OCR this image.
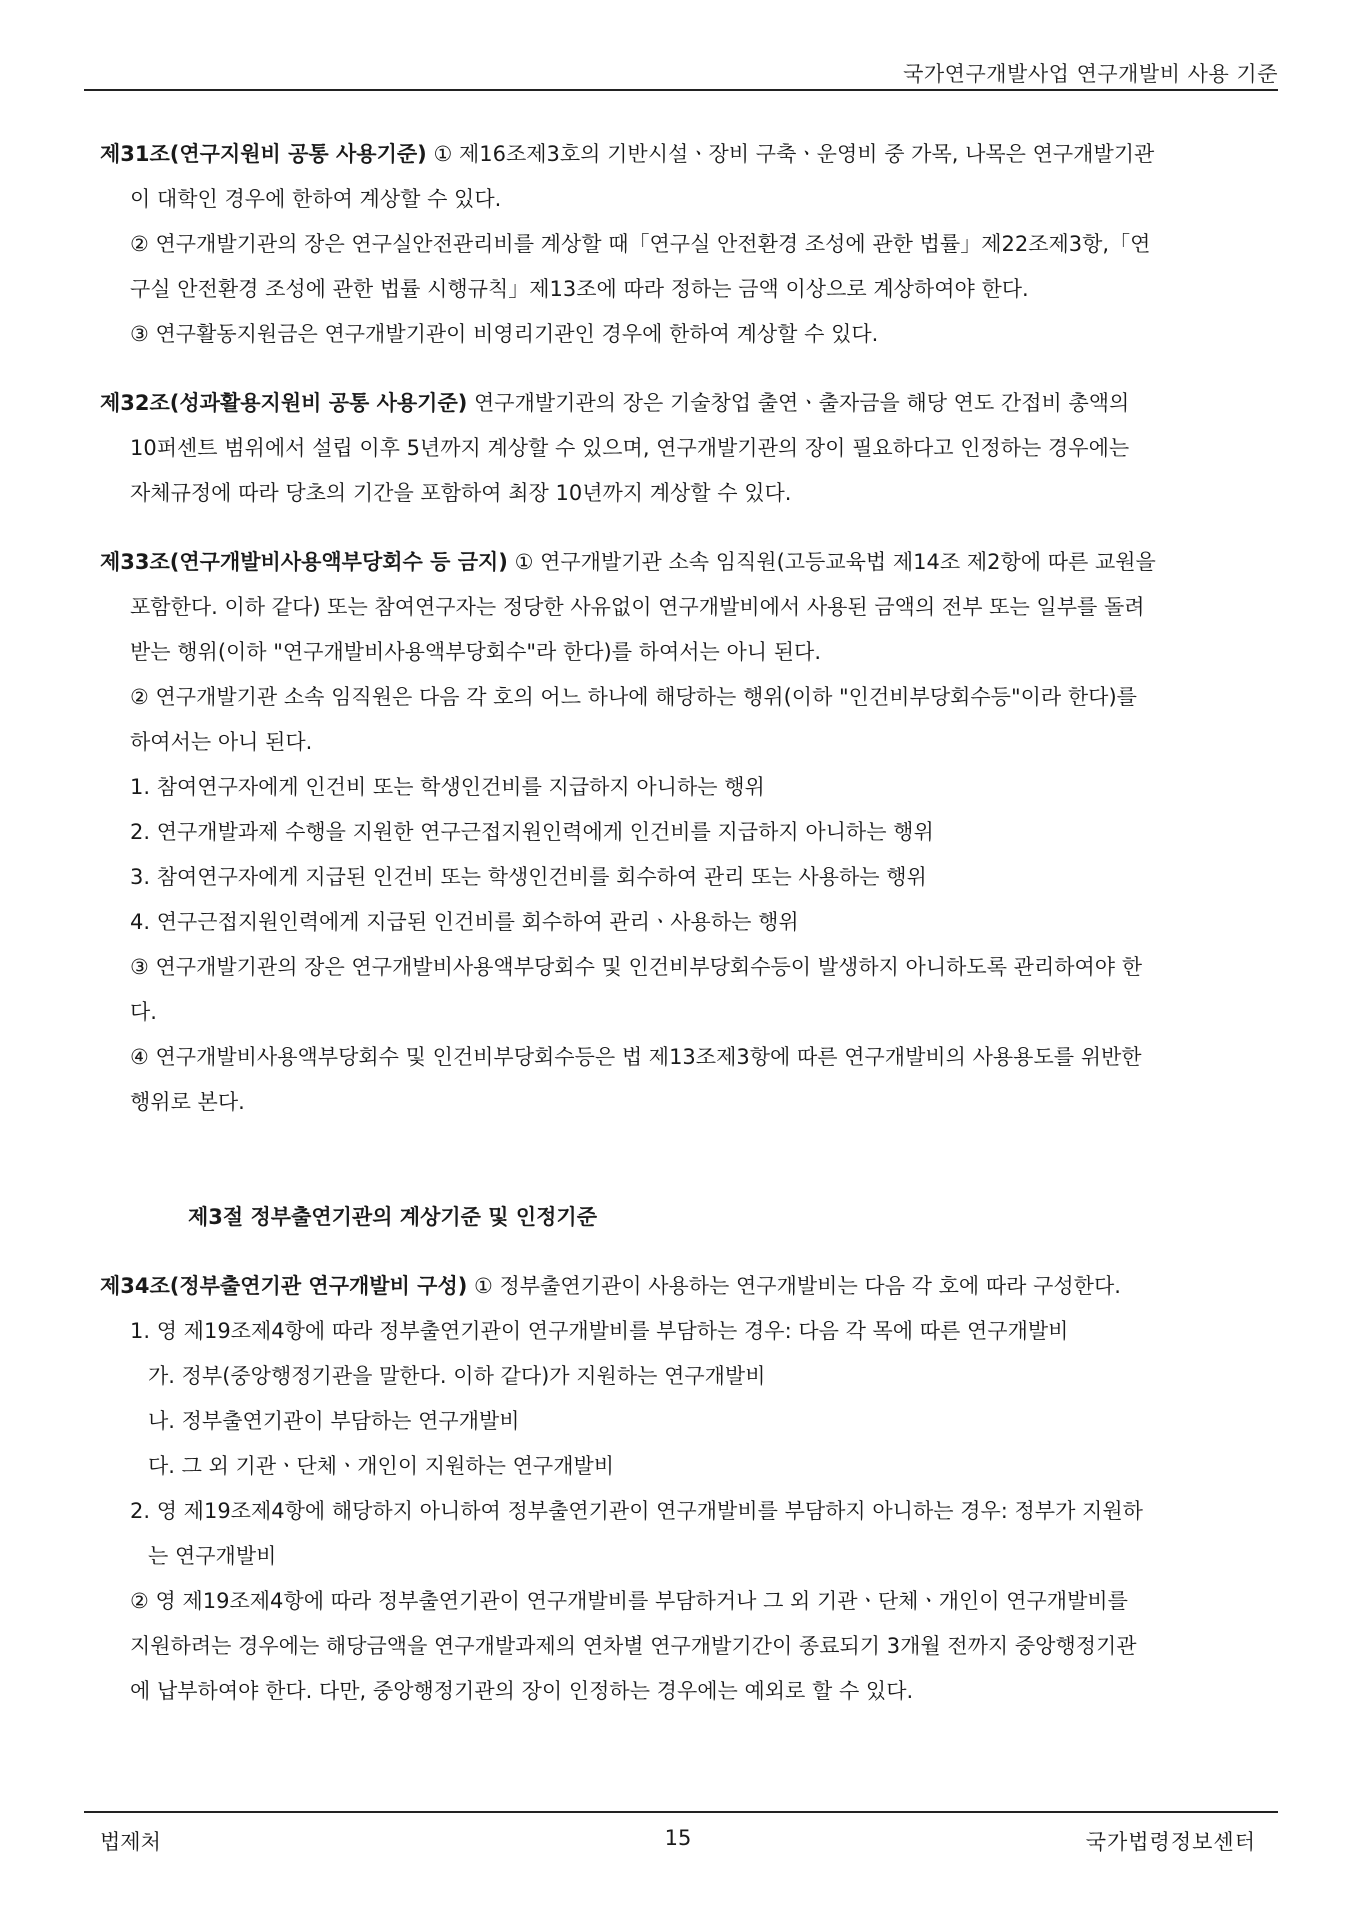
국가연구개발사업 연구개발비 사용 기준
제31조(연구지원비 공통 사용기준) ① 제16조제3호의 기반시설ㆍ장비 구축ㆍ운영비 중 가목, 나목은 연구개발기관
이 대학인 경우에 한하여 계상할 수 있다.
② 연구개발기관의 장은 연구실안전관리비를 계상할 때「연구실 안전환경 조성에 관한 법률」제22조제3항,「연
구실 안전환경 조성에 관한 법률 시행규칙」제13조에 따라 정하는 금액 이상으로 계상하여야 한다.
③ 연구활동지원금은 연구개발기관이 비영리기관인 경우에 한하여 계상할 수 있다.
제32조(성과활용지원비 공통 사용기준) 연구개발기관의 장은 기술창업 출연ㆍ출자금을 해당 연도 간접비 총액의
10퍼센트 범위에서 설립 이후 5년까지 계상할 수 있으며, 연구개발기관의 장이 필요하다고 인정하는 경우에는
자체규정에 따라 당초의 기간을 포함하여 최장 10년까지 계상할 수 있다.
제33조(연구개발비사용액부당회수 등 금지) ① 연구개발기관 소속 임직원(고등교육법 제14조 제2항에 따른 교원을
포함한다. 이하 같다) 또는 참여연구자는 정당한 사유없이 연구개발비에서 사용된 금액의 전부 또는 일부를 돌려
받는 행위(이하 "연구개발비사용액부당회수"라 한다)를 하여서는 아니 된다.
② 연구개발기관 소속 임직원은 다음 각 호의 어느 하나에 해당하는 행위(이하 "인건비부당회수등"이라 한다)를
하여서는 아니 된다.
1. 참여연구자에게 인건비 또는 학생인건비를 지급하지 아니하는 행위
2. 연구개발과제 수행을 지원한 연구근접지원인력에게 인건비를 지급하지 아니하는 행위
3. 참여연구자에게 지급된 인건비 또는 학생인건비를 회수하여 관리 또는 사용하는 행위
4. 연구근접지원인력에게 지급된 인건비를 회수하여 관리ㆍ사용하는 행위
③ 연구개발기관의 장은 연구개발비사용액부당회수 및 인건비부당회수등이 발생하지 아니하도록 관리하여야 한
다.
④ 연구개발비사용액부당회수 및 인건비부당회수등은 법 제13조제3항에 따른 연구개발비의 사용용도를 위반한
행위로 본다.
제3절 정부출연기관의 계상기준 및 인정기준
제34조(정부출연기관 연구개발비 구성) ① 정부출연기관이 사용하는 연구개발비는 다음 각 호에 따라 구성한다.
1. 영 제19조제4항에 따라 정부출연기관이 연구개발비를 부담하는 경우: 다음 각 목에 따른 연구개발비
가. 정부(중앙행정기관을 말한다. 이하 같다)가 지원하는 연구개발비
나. 정부출연기관이 부담하는 연구개발비
다. 그 외 기관ㆍ단체ㆍ개인이 지원하는 연구개발비
2. 영 제19조제4항에 해당하지 아니하여 정부출연기관이 연구개발비를 부담하지 아니하는 경우: 정부가 지원하
는 연구개발비
② 영 제19조제4항에 따라 정부출연기관이 연구개발비를 부담하거나 그 외 기관ㆍ단체ㆍ개인이 연구개발비를
지원하려는 경우에는 해당금액을 연구개발과제의 연차별 연구개발기간이 종료되기 3개월 전까지 중앙행정기관
에 납부하여야 한다. 다만, 중앙행정기관의 장이 인정하는 경우에는 예외로 할 수 있다.
법제처	15	국가법령정보센터
